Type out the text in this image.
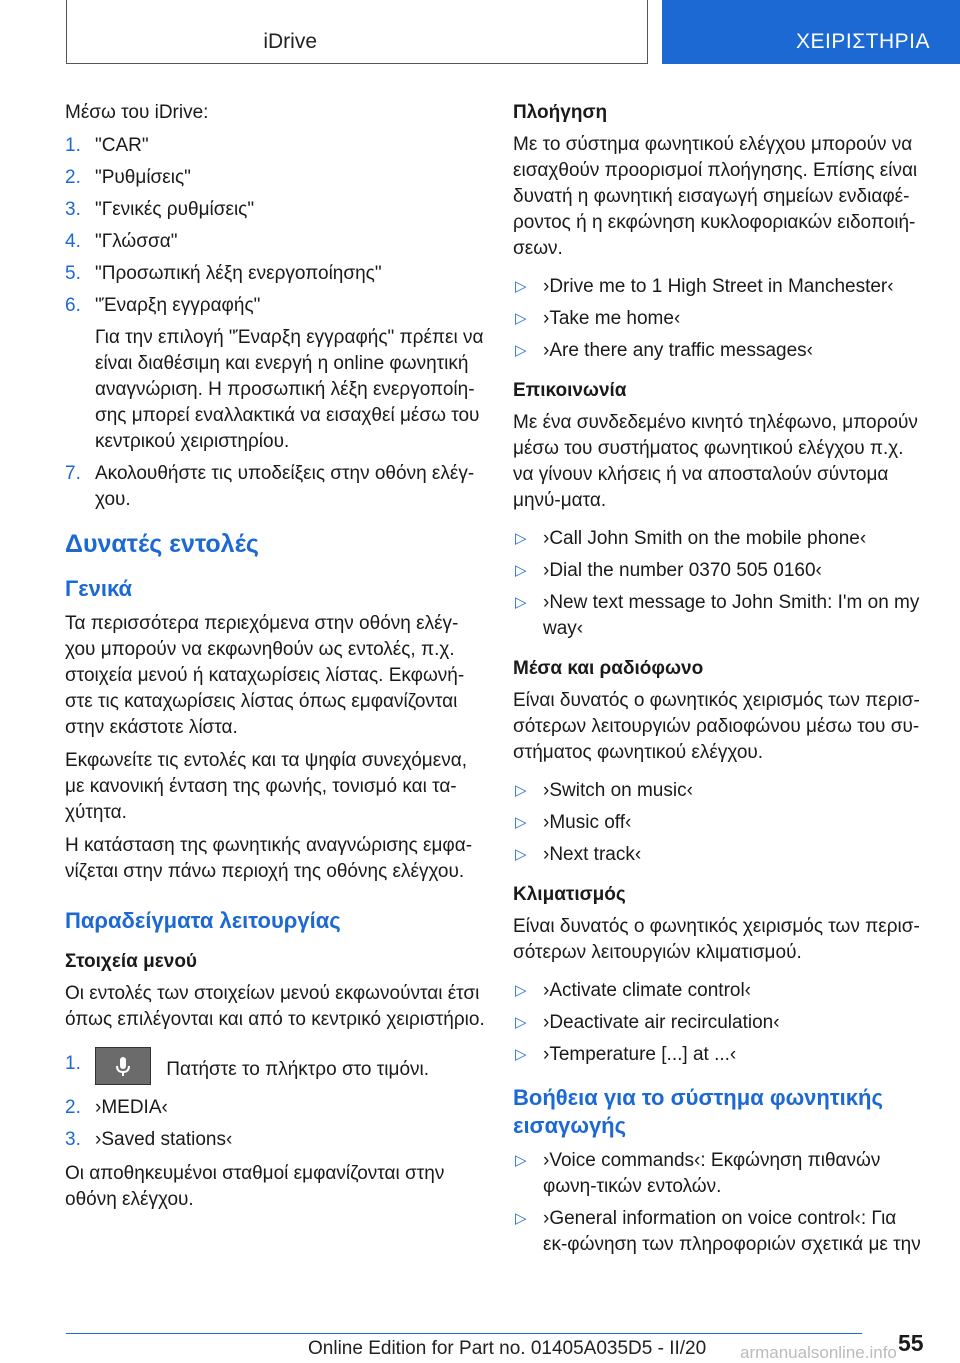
iDrive	ΧΕΙΡΙΣΤΗΡΙΑ

Μέσω του iDrive:

1. "CAR"
2. "Ρυθμίσεις"
3. "Γενικές ρυθμίσεις"
4. "Γλώσσα"
5. "Προσωπική λέξη ενεργοποίησης"
6. "Έναρξη εγγραφής"
Για την επιλογή "Έναρξη εγγραφής" πρέπει να είναι διαθέσιμη και ενεργή η online φωνητική αναγνώριση. Η προσωπική λέξη ενεργοποίη-σης μπορεί εναλλακτικά να εισαχθεί μέσω του κεντρικού χειριστηρίου.
7. Ακολουθήστε τις υποδείξεις στην οθόνη ελέγ-χου.
Δυνατές εντολές
Γενικά

Τα περισσότερα περιεχόμενα στην οθόνη ελέγ-χου μπορούν να εκφωνηθούν ως εντολές, π.χ. στοιχεία μενού ή καταχωρίσεις λίστας. Εκφωνή-στε τις καταχωρίσεις λίστας όπως εμφανίζονται στην εκάστοτε λίστα.

Εκφωνείτε τις εντολές και τα ψηφία συνεχόμενα, με κανονική ένταση της φωνής, τονισμό και τα-χύτητα.

Η κατάσταση της φωνητικής αναγνώρισης εμφα-νίζεται στην πάνω περιοχή της οθόνης ελέγχου.

Παραδείγματα λειτουργίας
Στοιχεία μενού

Οι εντολές των στοιχείων μενού εκφωνούνται έτσι όπως επιλέγονται και από το κεντρικό χειριστήριο.

1.	Πατήστε το πλήκτρο στο τιμόνι.
2. ›MEDIA‹
3. ›Saved stations‹

Οι αποθηκευμένοι σταθμοί εμφανίζονται στην οθόνη ελέγχου.

Πλοήγηση

Με το σύστημα φωνητικού ελέγχου μπορούν να εισαχθούν προορισμοί πλοήγησης. Επίσης είναι δυνατή η φωνητική εισαγωγή σημείων ενδιαφέ-ροντος ή η εκφώνηση κυκλοφοριακών ειδοποιή-σεων.

▷ ›Drive me to 1 High Street in Manchester‹
▷ ›Take me home‹
▷ ›Are there any traffic messages‹
Επικοινωνία

Με ένα συνδεδεμένο κινητό τηλέφωνο, μπορούν μέσω του συστήματος φωνητικού ελέγχου π.χ. να γίνουν κλήσεις ή να αποσταλούν σύντομα μηνύ-ματα.

▷ ›Call John Smith on the mobile phone‹
▷ ›Dial the number 0370 505 0160‹
▷ ›New text message to John Smith: I'm on my way‹
Μέσα και ραδιόφωνο

Είναι δυνατός ο φωνητικός χειρισμός των περισ-σότερων λειτουργιών ραδιοφώνου μέσω του συ-στήματος φωνητικού ελέγχου.

▷ ›Switch on music‹
▷ ›Music off‹
▷ ›Next track‹
Κλιματισμός

Είναι δυνατός ο φωνητικός χειρισμός των περισ-σότερων λειτουργιών κλιματισμού.

▷ ›Activate climate control‹
▷ ›Deactivate air recirculation‹
▷ ›Temperature [...] at ...‹
Βοήθεια για το σύστημα φωνητικής εισαγωγής
▷ ›Voice commands‹: Εκφώνηση πιθανών φωνη-τικών εντολών.
▷ ›General information on voice control‹: Για εκ-φώνηση των πληροφοριών σχετικά με την
55
Online Edition for Part no. 01405A035D5 - II/20 armanualsonline.info
